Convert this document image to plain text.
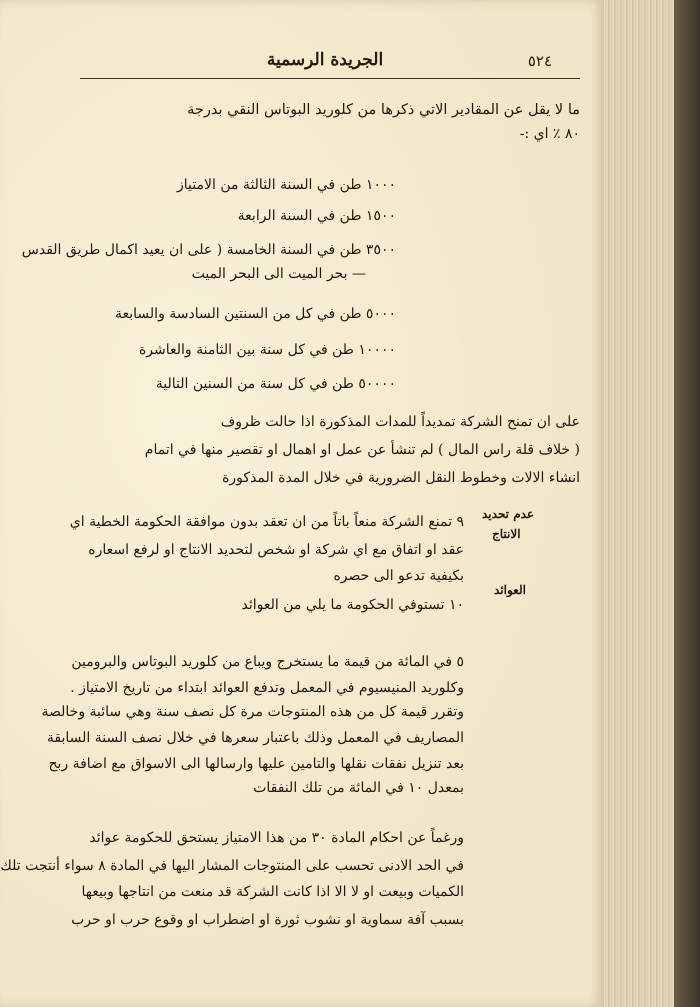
٥٢٤
الجريدة الرسمية
ما لا يقل عن المقادير الاتي ذكرها من كلوريد البوتاس النقي بدرجة
٨٠ ٪ اي :-
١٠٠٠ طن في السنة الثالثة من الامتياز
١٥٠٠ طن في السنة الرابعة
٣٥٠٠ طن في السنة الخامسة ( على ان يعيد اكمال طريق القدس
— بحر الميت الى البحر الميت
٥٠٠٠ طن في كل من السنتين السادسة والسابعة
١٠٠٠٠ طن في كل سنة بين الثامنة والعاشرة
٥٠٠٠٠ طن في كل سنة من السنين التالية
على ان تمنح الشركة تمديداً للمدات المذكورة اذا حالت ظروف
( خلاف قلة راس المال ) لم تنشأ عن عمل او اهمال او تقصير منها في اتمام
انشاء الالات وخطوط النقل الضرورية في خلال المدة المذكورة
عدم تحديد
الانتاج
العوائد
٩ تمنع الشركة منعاً باتاً من ان تعقد بدون موافقة الحكومة الخطية اي
عقد او اتفاق مع اي شركة او شخص لتحديد الانتاج او لرفع اسعاره
بكيفية تدعو الى حصره
١٠ تستوفي الحكومة ما يلي من العوائد
٥ في المائة من قيمة ما يستخرج ويباع من كلوريد البوتاس والبرومين
وكلوريد المنيسيوم في المعمل وتدفع العوائد ابتداء من تاريخ الامتياز .
وتقرر قيمة كل من هذه المنتوجات مرة كل نصف سنة وهي سائبة وخالصة
المصاريف في المعمل وذلك باعتبار سعرها في خلال نصف السنة السابقة
بعد تنزيل نفقات نقلها والتامين عليها وارسالها الى الاسواق مع اضافة ربح
بمعدل ١٠ في المائة من تلك النفقات
ورغماً عن احكام المادة ٣٠ من هذا الامتياز يستحق للحكومة عوائد
في الحد الادنى تحسب على المنتوجات المشار اليها في المادة ٨ سواء أنتجت تلك
الكميات وبيعت او لا الا اذا كانت الشركة قد منعت من انتاجها وبيعها
بسبب آفة سماوية او نشوب ثورة او اضطراب او وقوع حرب او حرب
